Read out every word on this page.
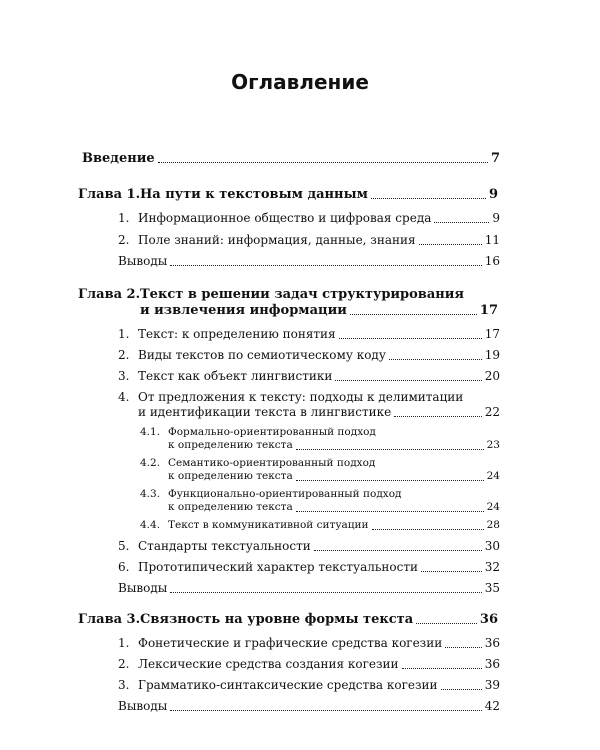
Оглавление
Введение	7
Глава 1. На пути к текстовым данным	9
1. Информационное общество и цифровая среда	9
2. Поле знаний: информация, данные, знания	11
Выводы	16
Глава 2. Текст в решении задач структурирования
и извлечения информации	17
1. Текст: к определению понятия	17
2. Виды текстов по семиотическому коду	19
3. Текст как объект лингвистики	20
4. От предложения к тексту: подходы к делимитации
и идентификации текста в лингвистике	22
4.1. Формально-ориентированный подход
к определению текста	23
4.2. Семантико-ориентированный подход
к определению текста	24
4.3. Функционально-ориентированный подход
к определению текста	24
4.4. Текст в коммуникативной ситуации	28
5. Стандарты текстуальности	30
6. Прототипический характер текстуальности	32
Выводы	35
Глава 3. Связность на уровне формы текста	36
1. Фонетические и графические средства когезии	36
2. Лексические средства создания когезии	36
3. Грамматико-синтаксические средства когезии	39
Выводы	42
